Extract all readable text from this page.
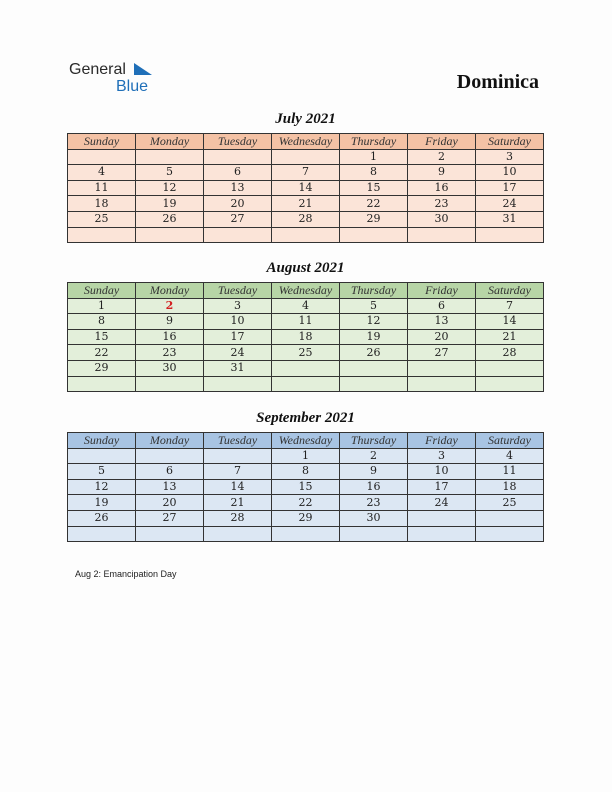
General
Blue	Dominica
July 2021
Sunday	Monday	Tuesday	Wednesday	Thursday	Friday	Saturday
				1	2	3
4	5	6	7	8	9	10
11	12	13	14	15	16	17
18	19	20	21	22	23	24
25	26	27	28	29	30	31

August 2021
Sunday	Monday	Tuesday	Wednesday	Thursday	Friday	Saturday
1	2	3	4	5	6	7
8	9	10	11	12	13	14
15	16	17	18	19	20	21
22	23	24	25	26	27	28
29	30	31				

September 2021
Sunday	Monday	Tuesday	Wednesday	Thursday	Friday	Saturday
			1	2	3	4
5	6	7	8	9	10	11
12	13	14	15	16	17	18
19	20	21	22	23	24	25
26	27	28	29	30		

Aug 2: Emancipation Day
